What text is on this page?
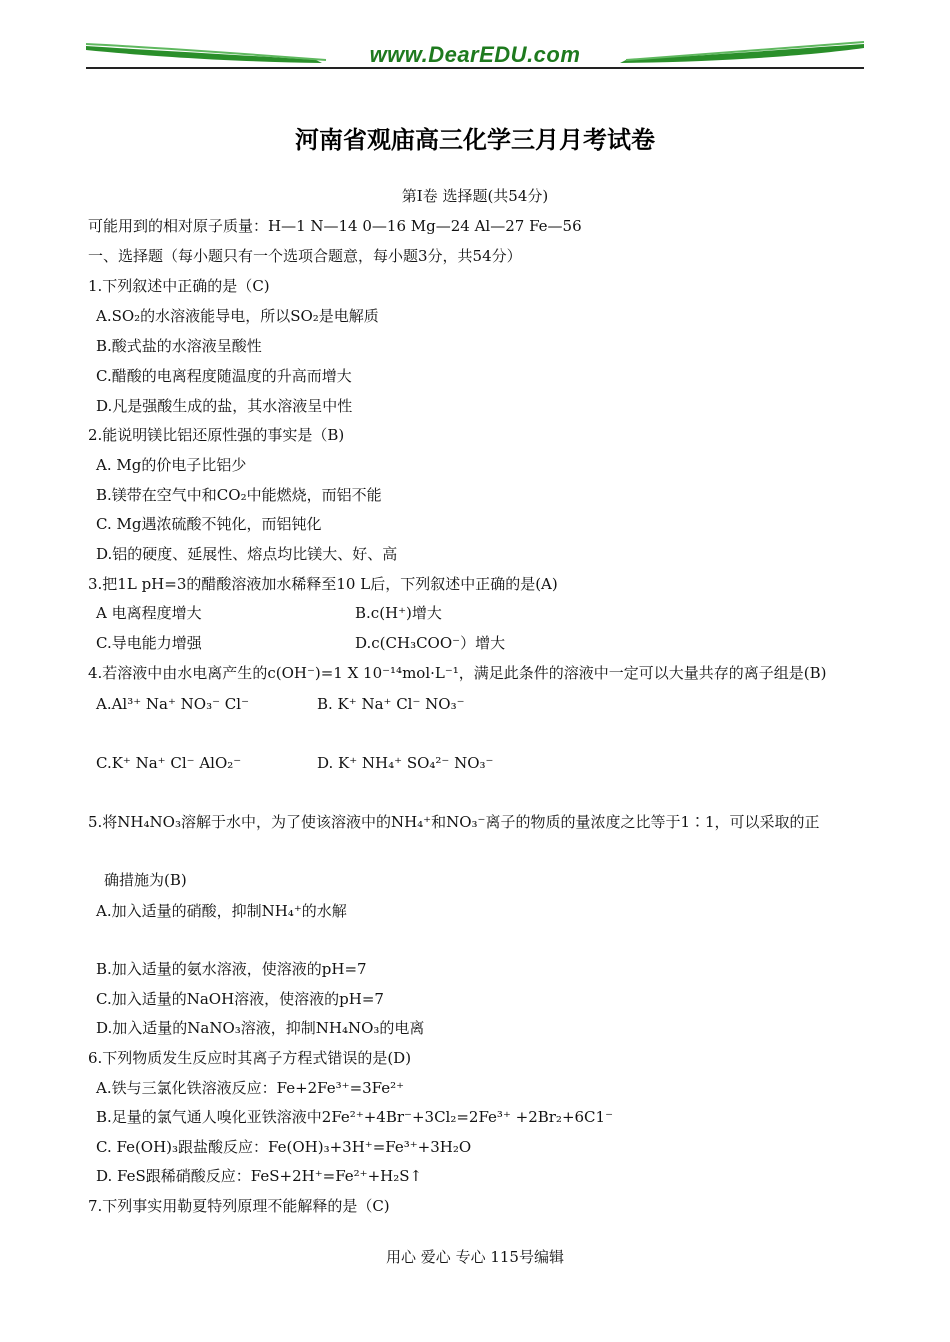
www.DearEDU.com
河南省观庙高三化学三月月考试卷
第Ⅰ卷 选择题(共54分)
可能用到的相对原子质量：H—1 N—14 0—16 Mg—24 Al—27 Fe—56
一、选择题（每小题只有一个选项合题意，每小题3分，共54分）
1.下列叙述中正确的是（C)
A.SO₂的水溶液能导电，所以SO₂是电解质
B.酸式盐的水溶液呈酸性
C.醋酸的电离程度随温度的升高而增大
D.凡是强酸生成的盐，其水溶液呈中性
2.能说明镁比铝还原性强的事实是（B)
A. Mg的价电子比铝少
B.镁带在空气中和CO₂中能燃烧，而铝不能
C. Mg遇浓硫酸不钝化，而铝钝化
D.铝的硬度、延展性、熔点均比镁大、好、高
3.把1L pH=3的醋酸溶液加水稀释至10 L后，下列叙述中正确的是(A)
A 电离程度增大	B.c(H⁺)增大
C.导电能力增强	D.c(CH₃COO⁻）增大
4.若溶液中由水电离产生的c(OH⁻)=1 X 10⁻¹⁴mol·L⁻¹，满足此条件的溶液中一定可以大量共存的离子组是(B)
A.Al³⁺ Na⁺ NO₃⁻ Cl⁻	B. K⁺ Na⁺ Cl⁻ NO₃⁻
C.K⁺ Na⁺ Cl⁻ AlO₂⁻	D. K⁺ NH₄⁺ SO₄²⁻ NO₃⁻
5.将NH₄NO₃溶解于水中，为了使该溶液中的NH₄⁺和NO₃⁻离子的物质的量浓度之比等于1∶1，可以采取的正
确措施为(B)
A.加入适量的硝酸，抑制NH₄⁺的水解
B.加入适量的氨水溶液，使溶液的pH=7
C.加入适量的NaOH溶液，使溶液的pH=7
D.加入适量的NaNO₃溶液，抑制NH₄NO₃的电离
6.下列物质发生反应时其离子方程式错误的是(D)
A.铁与三氯化铁溶液反应：Fe+2Fe³⁺=3Fe²⁺
B.足量的氯气通人嗅化亚铁溶液中2Fe²⁺+4Br⁻+3Cl₂=2Fe³⁺ +2Br₂+6C1⁻
C. Fe(OH)₃跟盐酸反应：Fe(OH)₃+3H⁺=Fe³⁺+3H₂O
D. FeS跟稀硝酸反应：FeS+2H⁺=Fe²⁺+H₂S↑
7.下列事实用勒夏特列原理不能解释的是（C)
用心 爱心 专心 115号编辑
